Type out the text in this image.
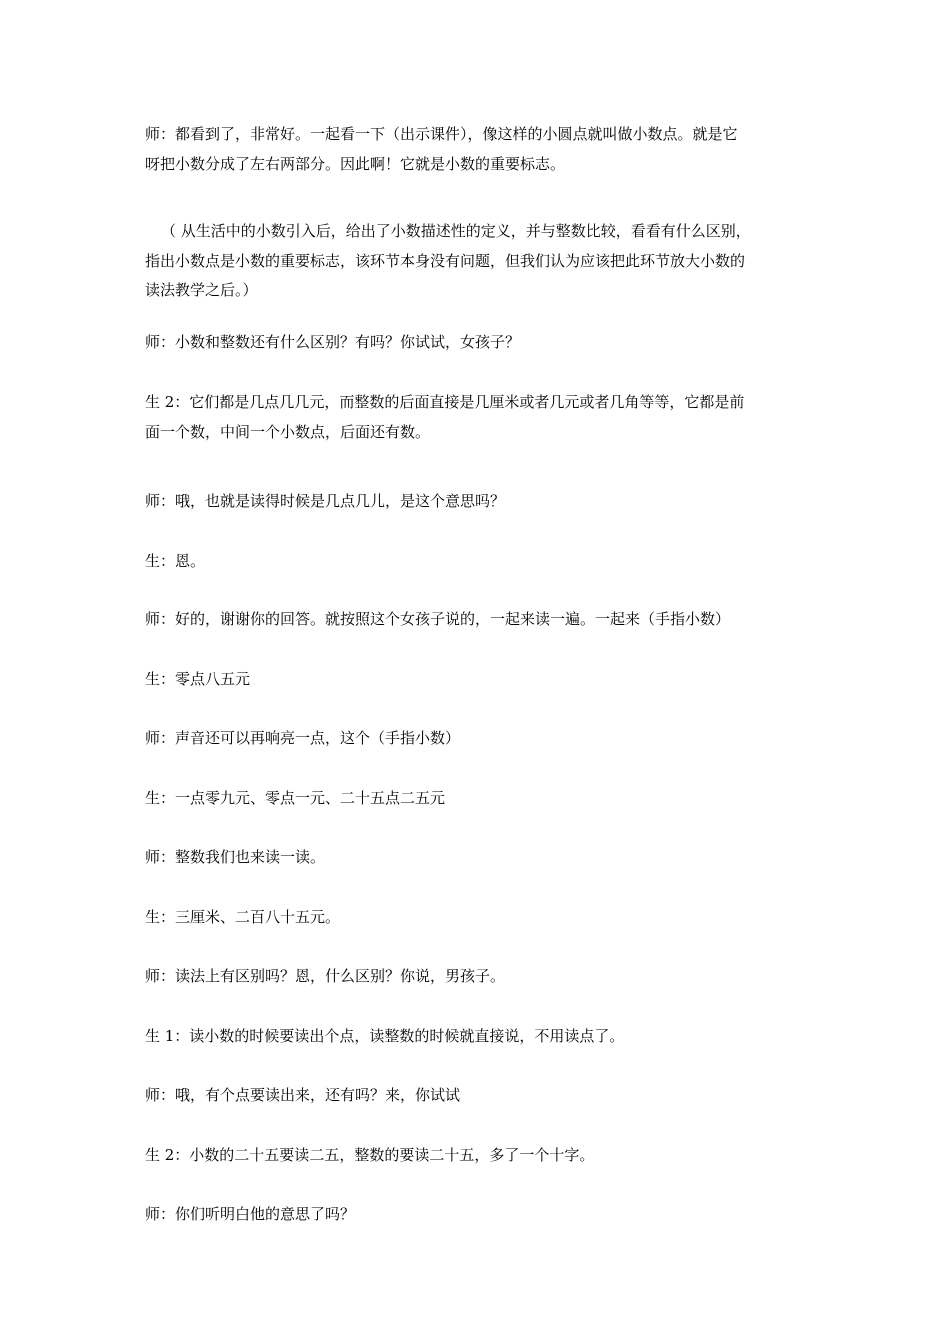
师：都看到了，非常好。一起看一下（出示课件），像这样的小圆点就叫做小数点。就是它
呀把小数分成了左右两部分。因此啊！它就是小数的重要标志。

（ 从生活中的小数引入后，给出了小数描述性的定义，并与整数比较，看看有什么区别，
指出小数点是小数的重要标志，该环节本身没有问题，但我们认为应该把此环节放大小数的
读法教学之后。）

师：小数和整数还有什么区别？有吗？你试试，女孩子？

生 2：它们都是几点几几元，而整数的后面直接是几厘米或者几元或者几角等等，它都是前
面一个数，中间一个小数点，后面还有数。

师：哦，也就是读得时候是几点几儿，是这个意思吗？

生：恩。

师：好的，谢谢你的回答。就按照这个女孩子说的，一起来读一遍。一起来（手指小数）

生：零点八五元

师：声音还可以再响亮一点，这个（手指小数）

生：一点零九元、零点一元、二十五点二五元

师：整数我们也来读一读。

生：三厘米、二百八十五元。

师：读法上有区别吗？恩，什么区别？你说，男孩子。

生 1：读小数的时候要读出个点，读整数的时候就直接说，不用读点了。

师：哦，有个点要读出来，还有吗？来，你试试

生 2：小数的二十五要读二五，整数的要读二十五，多了一个十字。

师：你们听明白他的意思了吗？
